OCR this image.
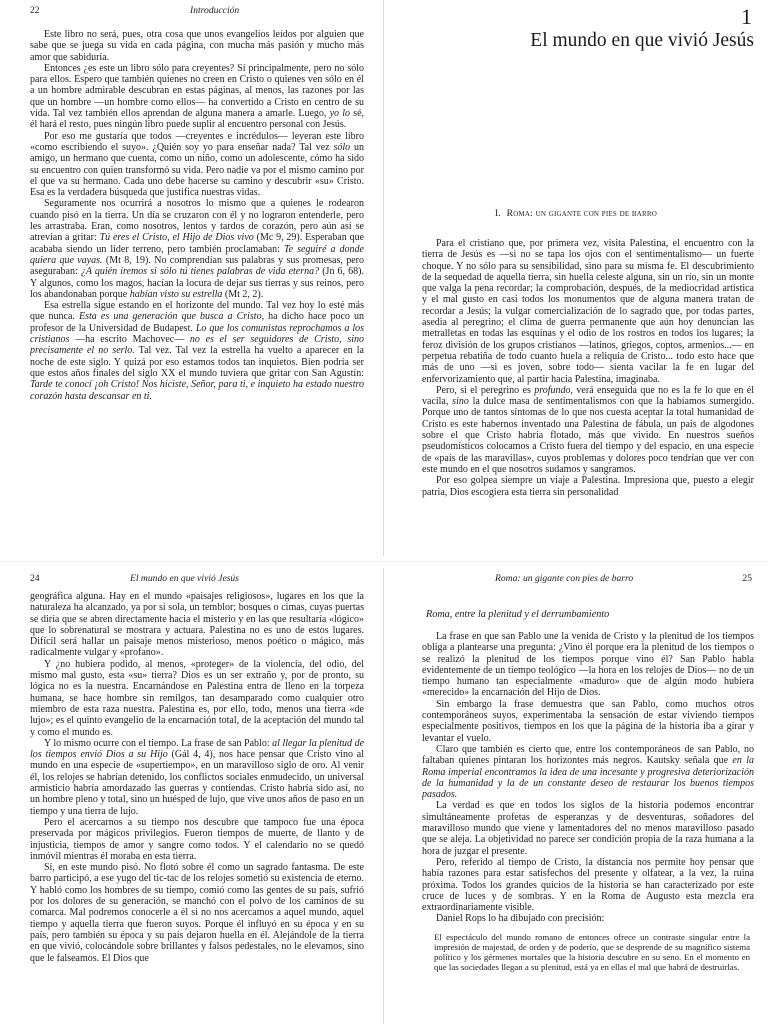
22	Introducción

Este libro no será, pues, otra cosa que unos evangelios leídos por alguien que sabe que se juega su vida en cada página, con mucha más pasión y mucho más amor que sabiduría.

Entonces ¿es este un libro sólo para creyentes? Sí principalmente, pero no sólo para ellos. Espero que también quienes no creen en Cristo o quienes ven sólo en él a un hombre admirable descubran en estas páginas, al menos, las razones por las que un hombre —un hombre como ellos— ha convertido a Cristo en centro de su vida. Tal vez también ellos aprendan de alguna manera a amarle. Luego, yo lo sé, él hará el resto, pues ningún libro puede suplir al encuentro personal con Jesús.

Por eso me gustaría que todos —creyentes e incrédulos— leyeran este libro «como escribiendo el suyo». ¿Quién soy yo para enseñar nada? Tal vez sólo un amigo, un hermano que cuenta, como un niño, como un adolescente, cómo ha sido su encuentro con quien transformó su vida. Pero nadie va por el mismo camino por el que va su hermano. Cada uno debe hacerse su camino y descubrir «su» Cristo. Esa es la verdadera búsqueda que justifica nuestras vidas.

Seguramente nos ocurrirá a nosotros lo mismo que a quienes le rodearon cuando pisó en la tierra. Un día se cruzaron con él y no lograron entenderle, pero les arrastraba. Eran, como nosotros, lentos y tardos de corazón, pero aún así se atrevían a gritar: Tú eres el Cristo, el Hijo de Dios vivo (Mc 9, 29). Esperaban que acababa siendo un líder terreno, pero también proclamaban: Te seguiré a donde quiera que vayas. (Mt 8, 19). No comprendían sus palabras y sus promesas, pero aseguraban: ¿A quién iremos si sólo tú tienes palabras de vida eterna? (Jn 6, 68). Y algunos, como los magos, hacían la locura de dejar sus tierras y sus reinos, pero los abandonaban porque habían visto su estrella (Mt 2, 2).

Esa estrella sigue estando en el horizonte del mundo. Tal vez hoy lo esté más que nunca. Esta es una generación que busca a Cristo, ha dicho hace poco un profesor de la Universidad de Budapest. Lo que los comunistas reprochamos a los cristianos —ha escrito Machovec— no es el ser seguidores de Cristo, sino precisamente el no serlo. Tal vez. Tal vez la estrella ha vuelto a aparecer en la noche de este siglo. Y quizá por eso estamos todos tan inquietos. Bien podría ser que estos años finales del siglo XX el mundo tuviera que gritar con San Agustín: Tarde te conocí ¡oh Cristo! Nos hiciste, Señor, para ti, e inquieto ha estado nuestro corazón hasta descansar en ti.

1
El mundo en que vivió Jesús
I. Roma: un gigante con pies de barro

Para el cristiano que, por primera vez, visita Palestina, el encuentro con la tierra de Jesús es —si no se tapa los ojos con el sentimentalismo— un fuerte choque. Y no sólo para su sensibilidad, sino para su misma fe. El descubrimiento de la sequedad de aquella tierra, sin huella celeste alguna, sin un río, sin un monte que valga la pena recordar; la comprobación, después, de la mediocridad artística y el mal gusto en casi todos los monumentos que de alguna manera tratan de recordar a Jesús; la vulgar comercialización de lo sagrado que, por todas partes, asedia al peregrino; el clima de guerra permanente que aún hoy denuncian las metralletas en todas las esquinas y el odio de los rostros en todos los lugares; la feroz división de los grupos cristianos —latinos, griegos, coptos, armenios...— en perpetua rebatiña de todo cuanto huela a reliquia de Cristo... todo esto hace que más de uno —si es joven, sobre todo— sienta vacilar la fe en lugar del enfervorizamiento que, al partir hacia Palestina, imaginaba.

Pero, si el peregrino es profundo, verá enseguida que no es la fe lo que en él vacila, sino la dulce masa de sentimentalismos con que la habíamos sumergido. Porque uno de tantos síntomas de lo que nos cuesta aceptar la total humanidad de Cristo es este habernos inventado una Palestina de fábula, un país de algodones sobre el que Cristo habría flotado, más que vivido. En nuestros sueños pseudomísticos colocamos a Cristo fuera del tiempo y del espacio, en una especie de «país de las maravillas», cuyos problemas y dolores poco tendrían que ver con este mundo en el que nosotros sudamos y sangramos.

Por eso golpea siempre un viaje a Palestina. Impresiona que, puesto a elegir patria, Dios escogiera esta tierra sin personalidad

24	El mundo en que vivió Jesús

geográfica alguna. Hay en el mundo «paisajes religiosos», lugares en los que la naturaleza ha alcanzado, ya por sí sola, un temblor; bosques o cimas, cuyas puertas se diría que se abren directamente hacia el misterio y en las que resultaría «lógico» que lo sobrenatural se mostrara y actuara. Palestina no es uno de estos lugares. Difícil será hallar un paisaje menos misterioso, menos poético o mágico, más radicalmente vulgar y «profano».

Y ¿no hubiera podido, al menos, «proteger» de la violencia, del odio, del mismo mal gusto, esta «su» tierra? Dios es un ser extraño y, por de pronto, su lógica no es la nuestra. Encarnándose en Palestina entra de lleno en la torpeza humana, se hace hombre sin remilgos, tan desamparado como cualquier otro miembro de esta raza nuestra. Palestina es, por ello, todo, menos una tierra «de lujo»; es el quinto evangelio de la encarnación total, de la aceptación del mundo tal y como el mundo es.

Y lo mismo ocurre con el tiempo. La frase de san Pablo: al llegar la plenitud de los tiempos envió Dios a su Hijo (Gál 4, 4), nos hace pensar que Cristo vino al mundo en una especie de «supertiempo», en un maravilloso siglo de oro. Al venir él, los relojes se habrían detenido, los conflictos sociales enmudecido, un universal armisticio habría amordazado las guerras y contiendas. Cristo habría sido así, no un hombre pleno y total, sino un huésped de lujo, que vive unos años de paso en un tiempo y una tierra de lujo.

Pero el acercarnos a su tiempo nos descubre que tampoco fue una época preservada por mágicos privilegios. Fueron tiempos de muerte, de llanto y de injusticia, tiempos de amor y sangre como todos. Y el calendario no se quedó inmóvil mientras él moraba en esta tierra.

Sí, en este mundo pisó. No flotó sobre él como un sagrado fantasma. De este barro participó, a ese yugo del tic-tac de los relojes sometió su existencia de eterno. Y habló como los hombres de su tiempo, comió como las gentes de su país, sufrió por los dolores de su generación, se manchó con el polvo de los caminos de su comarca. Mal podremos conocerle a él si no nos acercamos a aquel mundo, aquel tiempo y aquella tierra que fueron suyos. Porque él influyó en su época y en su país, pero también su época y su país dejaron huella en él. Alejándole de la tierra en que vivió, colocándole sobre brillantes y falsos pedestales, no le elevamos, sino que le falseamos. El Dios que

Roma: un gigante con pies de barro	25
Roma, entre la plenitud y el derrumbamiento

La frase en que san Pablo une la venida de Cristo y la plenitud de los tiempos obliga a plantearse una pregunta: ¿Vino él porque era la plenitud de los tiempos o se realizó la plenitud de los tiempos porque vino él? San Pablo habla evidentemente de un tiempo teológico —la hora en los relojes de Dios— no de un tiempo humano tan especialmente «maduro» que de algún modo hubiera «merecido» la encarnación del Hijo de Dios.

Sin embargo la frase demuestra que san Pablo, como muchos otros contemporáneos suyos, experimentaba la sensación de estar viviendo tiempos especialmente positivos, tiempos en los que la página de la historia iba a girar y levantar el vuelo.

Claro que también es cierto que, entre los contemporáneos de san Pablo, no faltaban quienes pintaran los horizontes más negros. Kautsky señala que en la Roma imperial encontramos la idea de una incesante y progresiva deteriorización de la humanidad y la de un constante deseo de restaurar los buenos tiempos pasados.

La verdad es que en todos los siglos de la historia podemos encontrar simultáneamente profetas de esperanzas y de desventuras, soñadores del maravilloso mundo que viene y lamentadores del no menos maravilloso pasado que se aleja. La objetividad no parece ser condición propia de la raza humana a la hora de juzgar el presente.

Pero, referido al tiempo de Cristo, la distancia nos permite hoy pensar que había razones para estar satisfechos del presente y olfatear, a la vez, la ruina próxima. Todos los grandes quicios de la historia se han caracterizado por este cruce de luces y de sombras. Y en la Roma de Augusto esta mezcla era extraordinariamente visible.

Daniel Rops lo ha dibujado con precisión:

El espectáculo del mundo romano de entonces ofrece un contraste singular entre la impresión de majestad, de orden y de poderío, que se desprende de su magnífico sistema político y los gérmenes mortales que la historia descubre en su seno. En el momento en que las sociedades llegan a su plenitud, está ya en ellas el mal que habrá de destruirlas.
